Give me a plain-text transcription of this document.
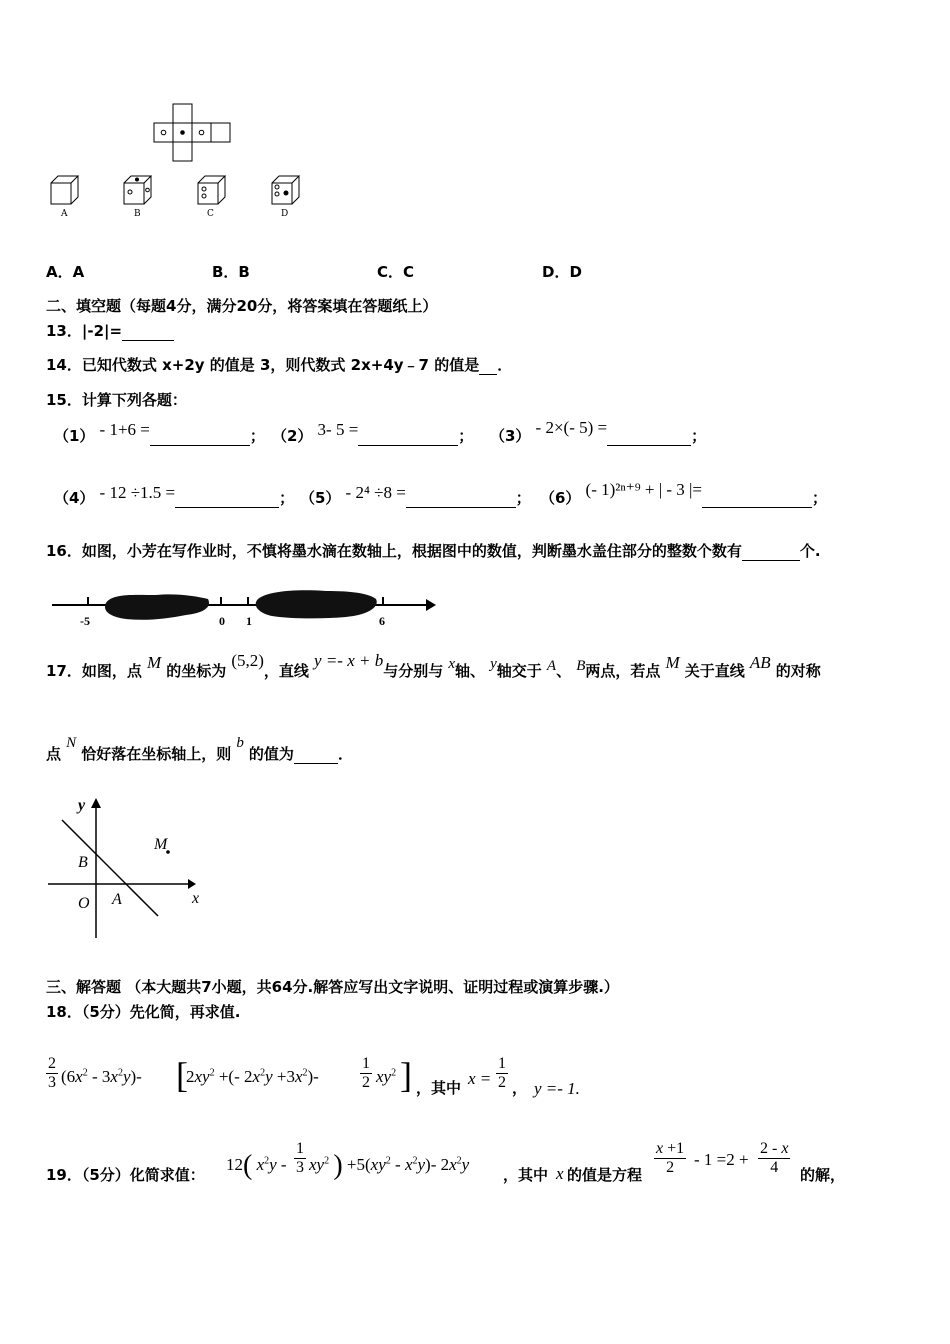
A	B	C	D
A．A	B．B	C．C	D．D
二、填空题（每题4分，满分20分，将答案填在答题纸上）
13．|-2|=
14．已知代数式 x+2y 的值是 3，则代数式 2x+4y﹣7 的值是 ．
15．计算下列各题：
（1） - 1+6 =	； （2） 3- 5 =	； （3） - 2×(- 5) =	；
（4） - 12 ÷1.5 =	； （5） - 2⁴ ÷8 =	； （6） (- 1)²ⁿ⁺⁹ + | - 3 |=	；
16．如图，小芳在写作业时，不慎将墨水滴在数轴上，根据图中的数值，判断墨水盖住部分的整数个数有	个.
-5	0 1	6
17．如图，点 M 的坐标为 (5,2)，直线 y =- x + b与分别与 x轴、 y轴交于 A、 B两点，若点 M 关于直线 AB 的对称
点 N 恰好落在坐标轴上，则 b 的值为	．
y
x
B
O A
M
三、解答题 （本大题共7小题，共64分.解答应写出文字说明、证明过程或演算步骤.）
18．（5分）先化简，再求值.
$\frac{2}{3} (6x^2 - 3x^2y)-$ [
$2xy^2$ +(- $2x^2y +3x^2)-$	$\frac{1}{2} xy^2$ ] ，其中 $x = \frac{1}{2}$ ， y =- 1.
19．（5分）化简求值：
12( $x^2y - \frac{1}{3} xy^2$ ) $+5(xy^2 - x^2y)-$ $2x^2y$
，其中 x 的值是方程 $\frac{x +1}{2} - 1 =2 + \frac{2 - x}{4}$ 的解，
